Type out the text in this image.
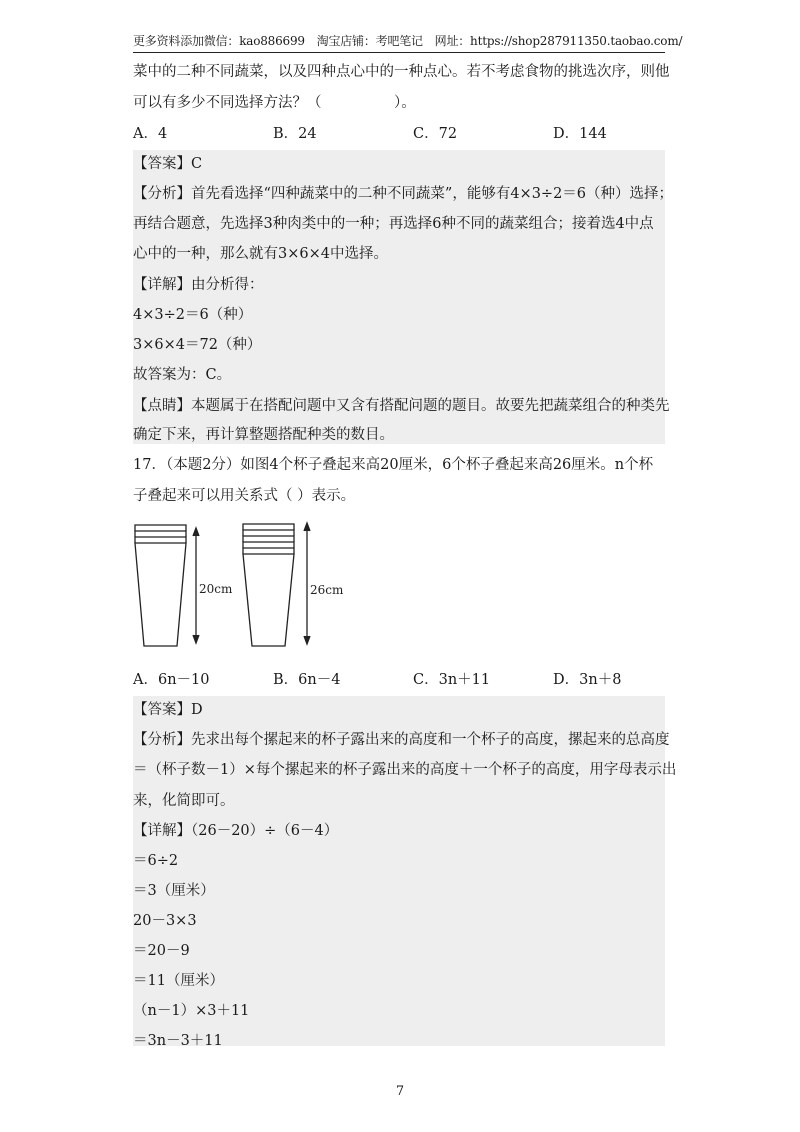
更多资料添加微信：kao886699　淘宝店铺：考吧笔记　网址：https://shop287911350.taobao.com/
菜中的二种不同蔬菜，以及四种点心中的一种点心。若不考虑食物的挑选次序，则他
可以有多少不同选择方法？（　　　　　）。
A．4	B．24	C．72	D．144
【答案】C
【分析】首先看选择“四种蔬菜中的二种不同蔬菜”，能够有4×3÷2＝6（种）选择；
再结合题意，先选择3种肉类中的一种；再选择6种不同的蔬菜组合；接着选4中点
心中的一种，那么就有3×6×4中选择。
【详解】由分析得：
4×3÷2＝6（种）
3×6×4＝72（种）
故答案为：C。
【点睛】本题属于在搭配问题中又含有搭配问题的题目。故要先把蔬菜组合的种类先
确定下来，再计算整题搭配种类的数目。
17．（本题2分）如图4个杯子叠起来高20厘米，6个杯子叠起来高26厘米。n个杯
子叠起来可以用关系式（ ）表示。
20cm	26cm
A．6n－10	B．6n－4	C．3n＋11	D．3n＋8
【答案】D
【分析】先求出每个摞起来的杯子露出来的高度和一个杯子的高度，摞起来的总高度
＝（杯子数－1）×每个摞起来的杯子露出来的高度＋一个杯子的高度，用字母表示出
来，化简即可。
【详解】（26－20）÷（6－4）
＝6÷2
＝3（厘米）
20－3×3
＝20－9
＝11（厘米）
（n－1）×3＋11
＝3n－3＋11
7
